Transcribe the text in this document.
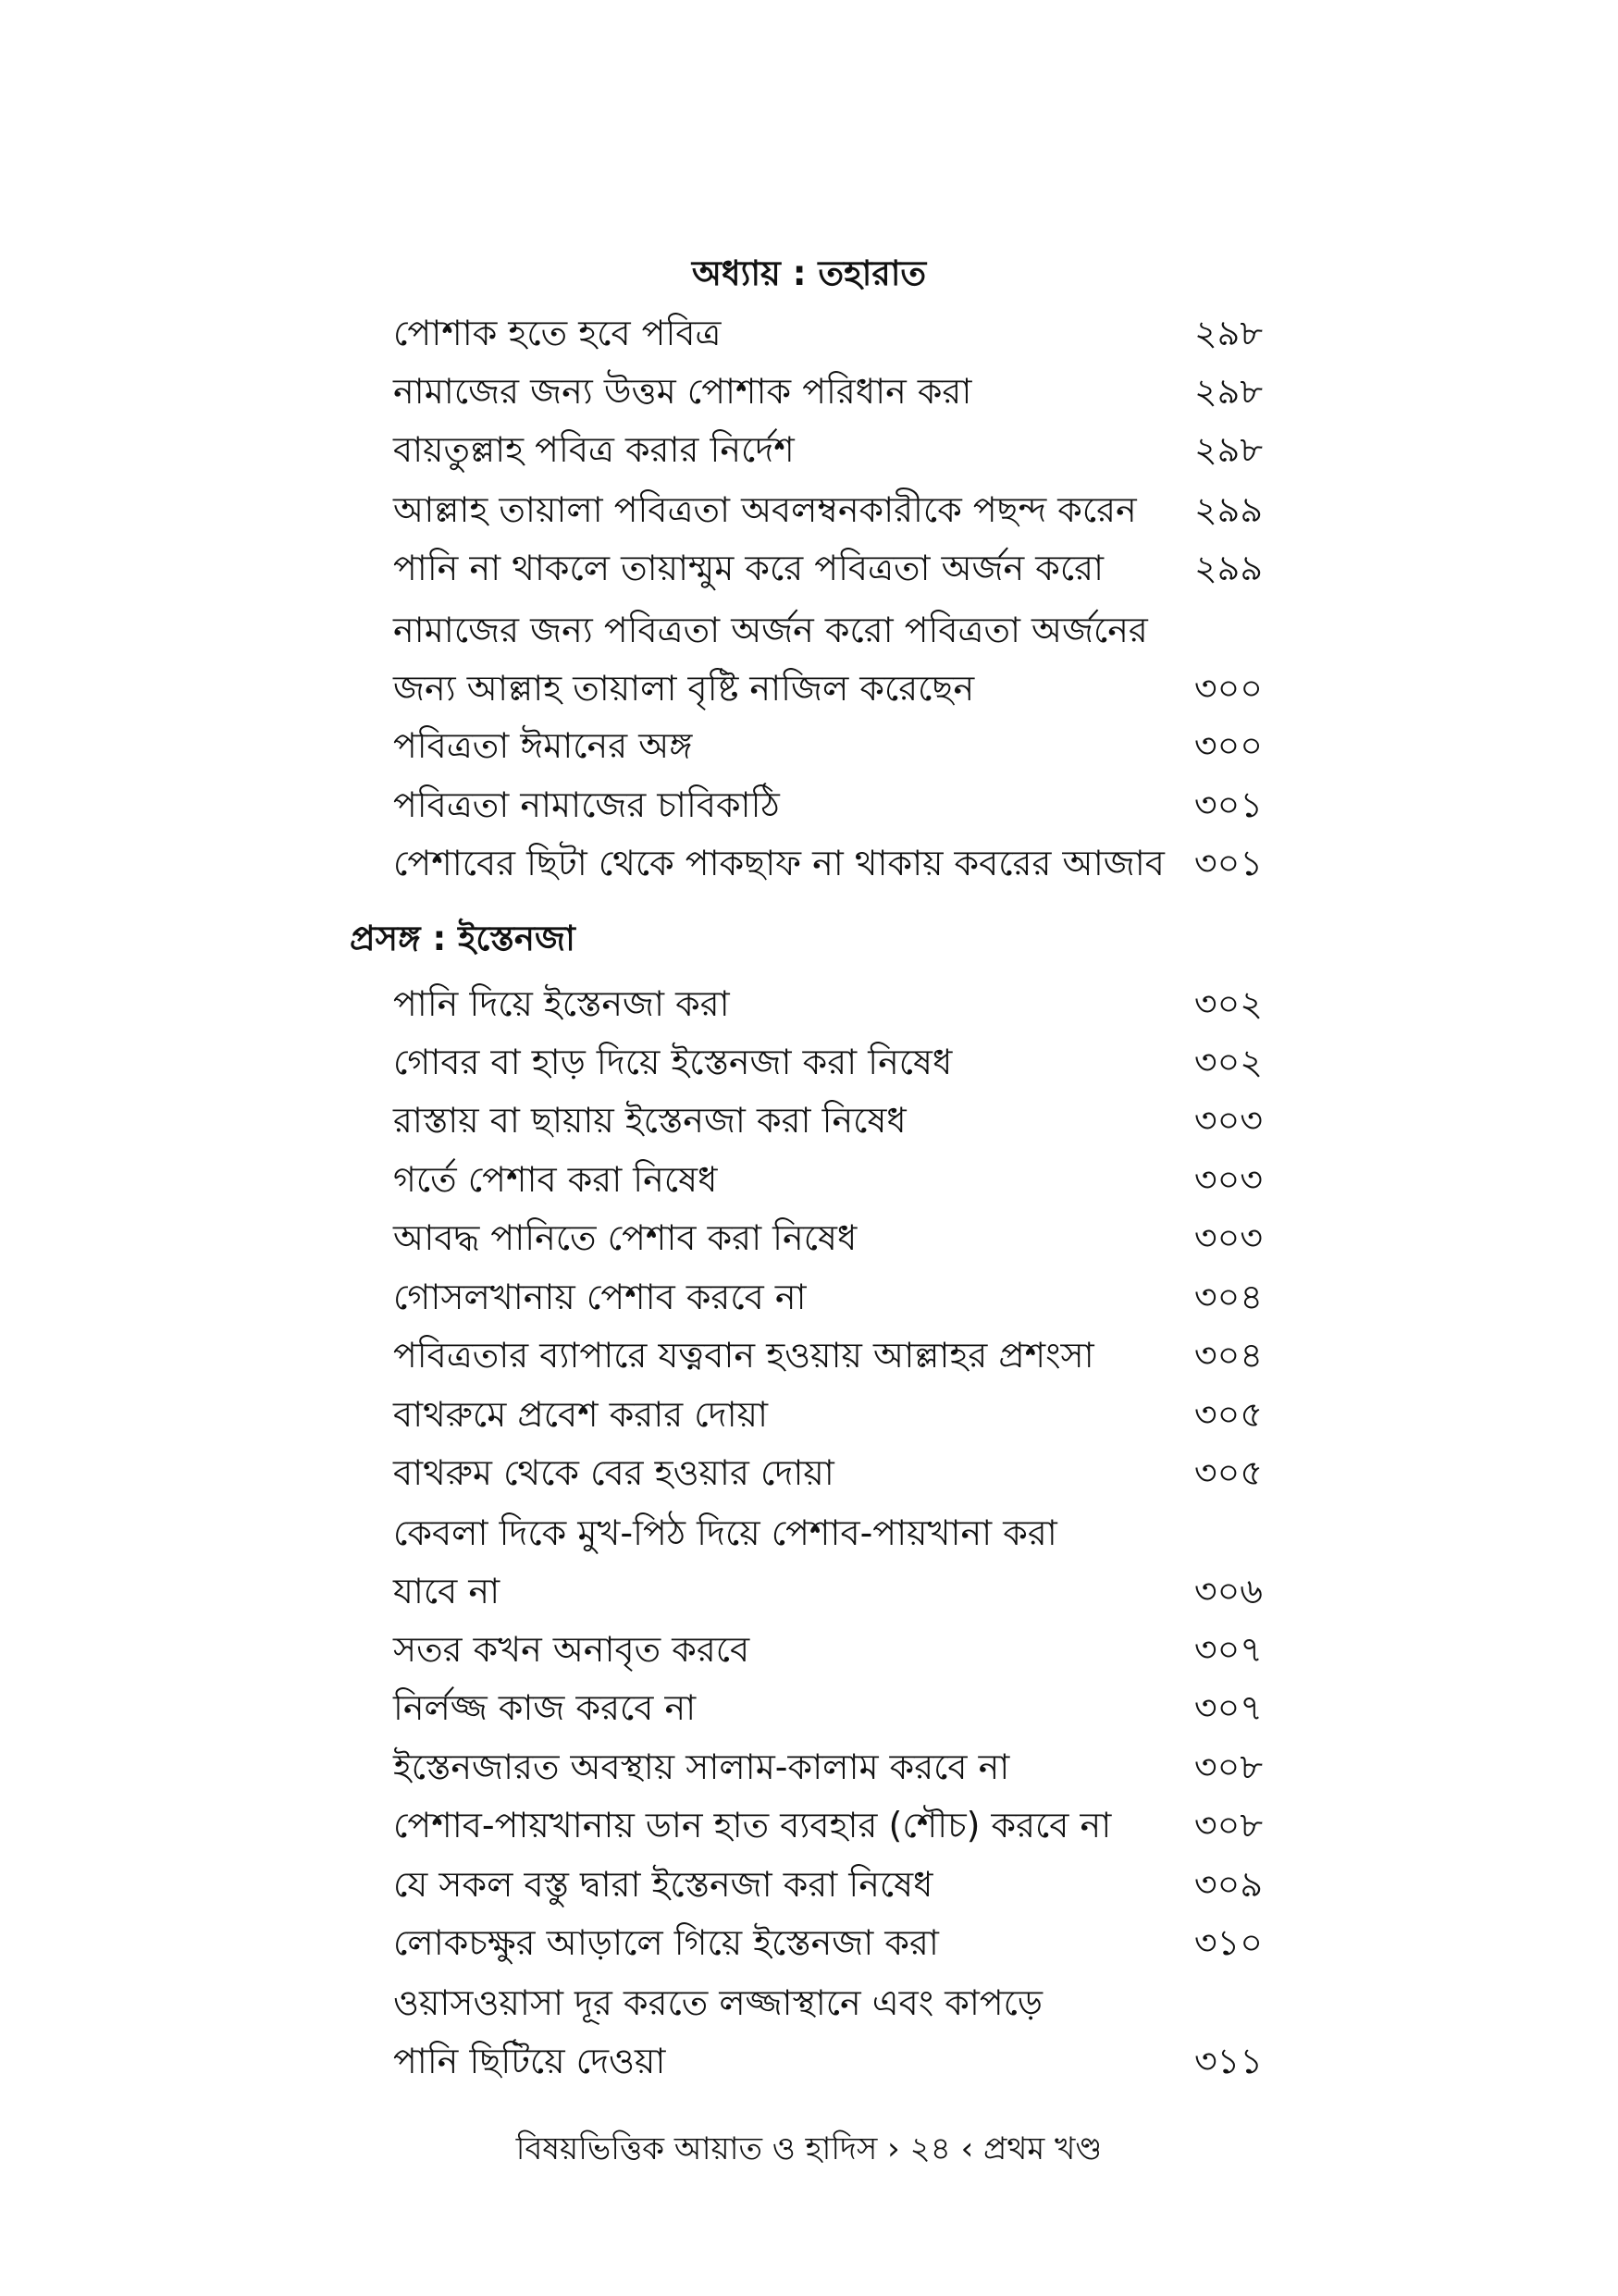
অধ্যায় : তহারাত
পোশাক হতে হবে পবিত্র	২৯৮
নামাজের জন্য উত্তম পোশাক পরিধান করা	২৯৮
বায়তুল্লাহ পবিত্র করার নির্দেশ	২৯৮
আল্লাহ তায়ালা পবিত্রতা অবলম্বনকারীকে পছন্দ করেন	২৯৯
পানি না থাকলে তায়াম্মুম করে পবিত্রতা অর্জন করো	২৯৯
নামাজের জন্য পবিত্রতা অর্জন করো পবিত্রতা অর্জনের
জন্য আল্লাহ তায়ালা বৃষ্টি নাজিল করেছেন	৩০০
পবিত্রতা ঈমানের অঙ্গ	৩০০
পবিত্রতা নামাজের চাবিকাঠি	৩০১
পেশাবের ছিটা থেকে পাকছাফ না থাকায় কবরের আজাব ৩০১
প্রসঙ্গ : ইস্তেনজা
পানি দিয়ে ইস্তেনজা করা	৩০২
গোবর বা হাড় দিয়ে ইস্তেনজা করা নিষেধ	৩০২
রাস্তায় বা ছায়ায় ইস্তেনজা করা নিষেধ	৩০৩
গর্তে পেশাব করা নিষেধ	৩০৩
আবদ্ধ পানিতে পেশাব করা নিষেধ	৩০৩
গোসলখানায় পেশাব করবে না	৩০৪
পবিত্রতার ব্যাপারে যত্নবান হওয়ায় আল্লাহর প্রশংসা	৩০৪
বাথরুমে প্রবেশ করার দোয়া	৩০৫
বাথরুম থেকে বের হওয়ার দোয়া	৩০৫
কেবলা দিকে মুখ-পিঠ দিয়ে পেশাব-পায়খানা করা
যাবে না	৩০৬
সতর কখন অনাবৃত করবে	৩০৭
নির্লজ্জ কাজ করবে না	৩০৭
ইস্তেনজারত অবস্থায় সালাম-কালাম করবে না	৩০৮
পেশাব-পায়খানায় ডান হাত ব্যবহার (শৌচ) করবে না	৩০৮
যে সকল বস্তু দ্বারা ইস্তেনজা করা নিষেধ	৩০৯
লোকচক্ষুর আড়ালে গিয়ে ইস্তেনজা করা	৩১০
ওয়াসওয়াসা দূর করতে লজ্জাস্থানে এবং কাপড়ে
পানি ছিটিয়ে দেওয়া	৩১১
বিষয়ভিত্তিক আয়াত ও হাদিস › ২৪ ‹ প্রথম খণ্ড
